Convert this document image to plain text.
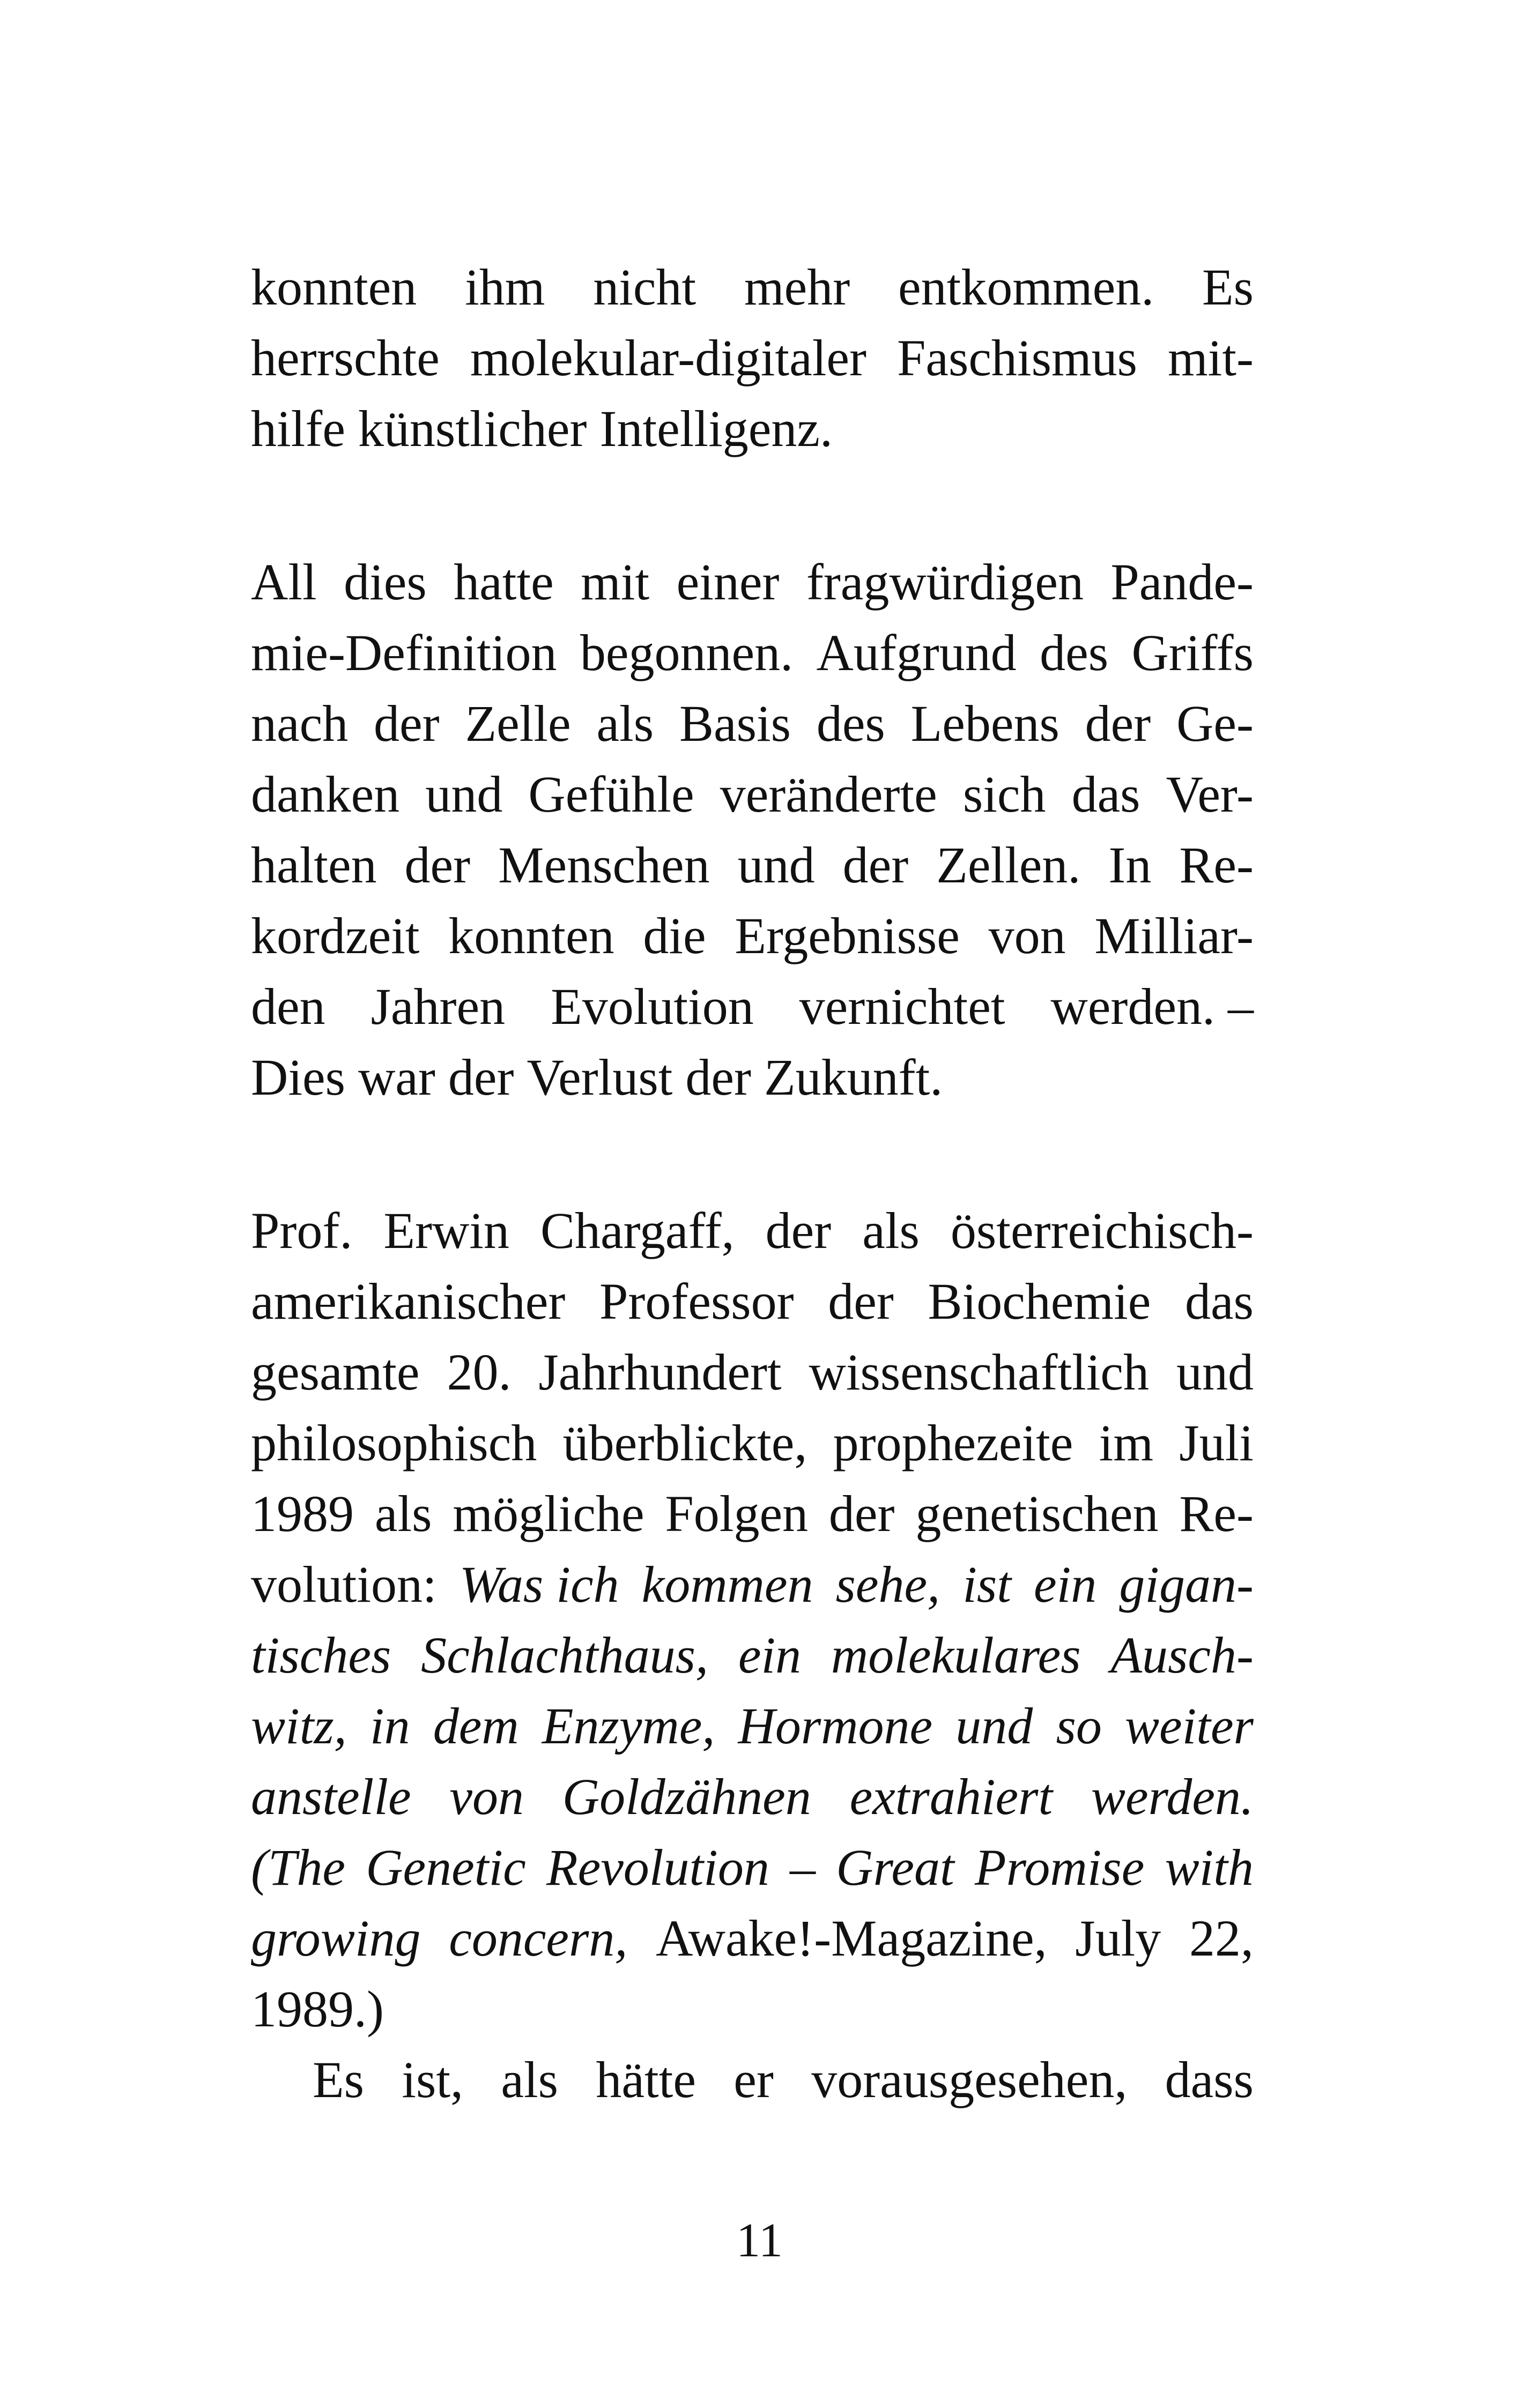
konnten ihm nicht mehr entkommen. Es
herrschte molekular-digitaler Faschismus mit-
hilfe künstlicher Intelligenz.
All dies hatte mit einer fragwürdigen Pande-
mie-Definition begonnen. Aufgrund des Griffs
nach der Zelle als Basis des Lebens der Ge-
danken und Gefühle veränderte sich das Ver-
halten der Menschen und der Zellen. In Re-
kordzeit konnten die Ergebnisse von Milliar-
den Jahren Evolution vernichtet werden. –
Dies war der Verlust der Zukunft.
Prof. Erwin Chargaff, der als österreichisch-
amerikanischer Professor der Biochemie das
gesamte 20. Jahrhundert wissenschaftlich und
philosophisch überblickte, prophezeite im Juli
1989 als mögliche Folgen der genetischen Re-
volution: Was ich kommen sehe, ist ein gigan-
tisches Schlachthaus, ein molekulares Ausch-
witz, in dem Enzyme, Hormone und so weiter
anstelle von Goldzähnen extrahiert werden.
(The Genetic Revolution – Great Promise with
growing concern, Awake!-Magazine, July 22,
1989.)
Es ist, als hätte er vorausgesehen, dass
11
